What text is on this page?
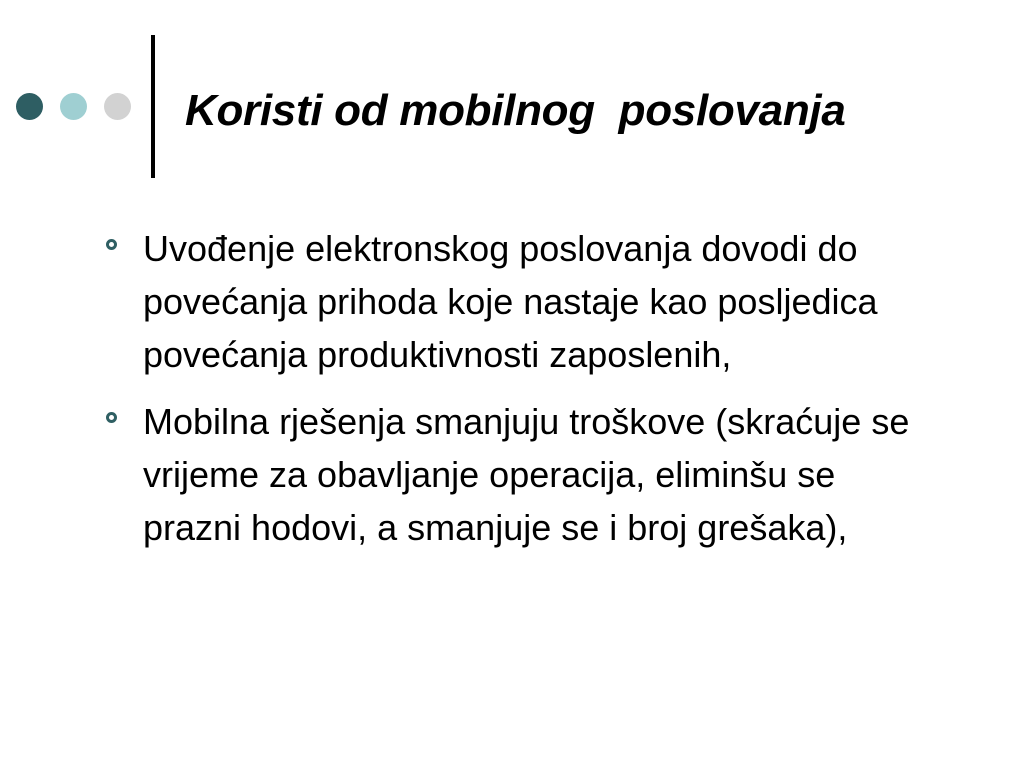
Koristi od mobilnog  poslovanja
Uvođenje elektronskog poslovanja dovodi do povećanja prihoda koje nastaje kao posljedica povećanja produktivnosti zaposlenih,
Mobilna rješenja smanjuju troškove (skraćuje se vrijeme za obavljanje operacija, eliminšu se prazni hodovi, a smanjuje se i broj grešaka),
